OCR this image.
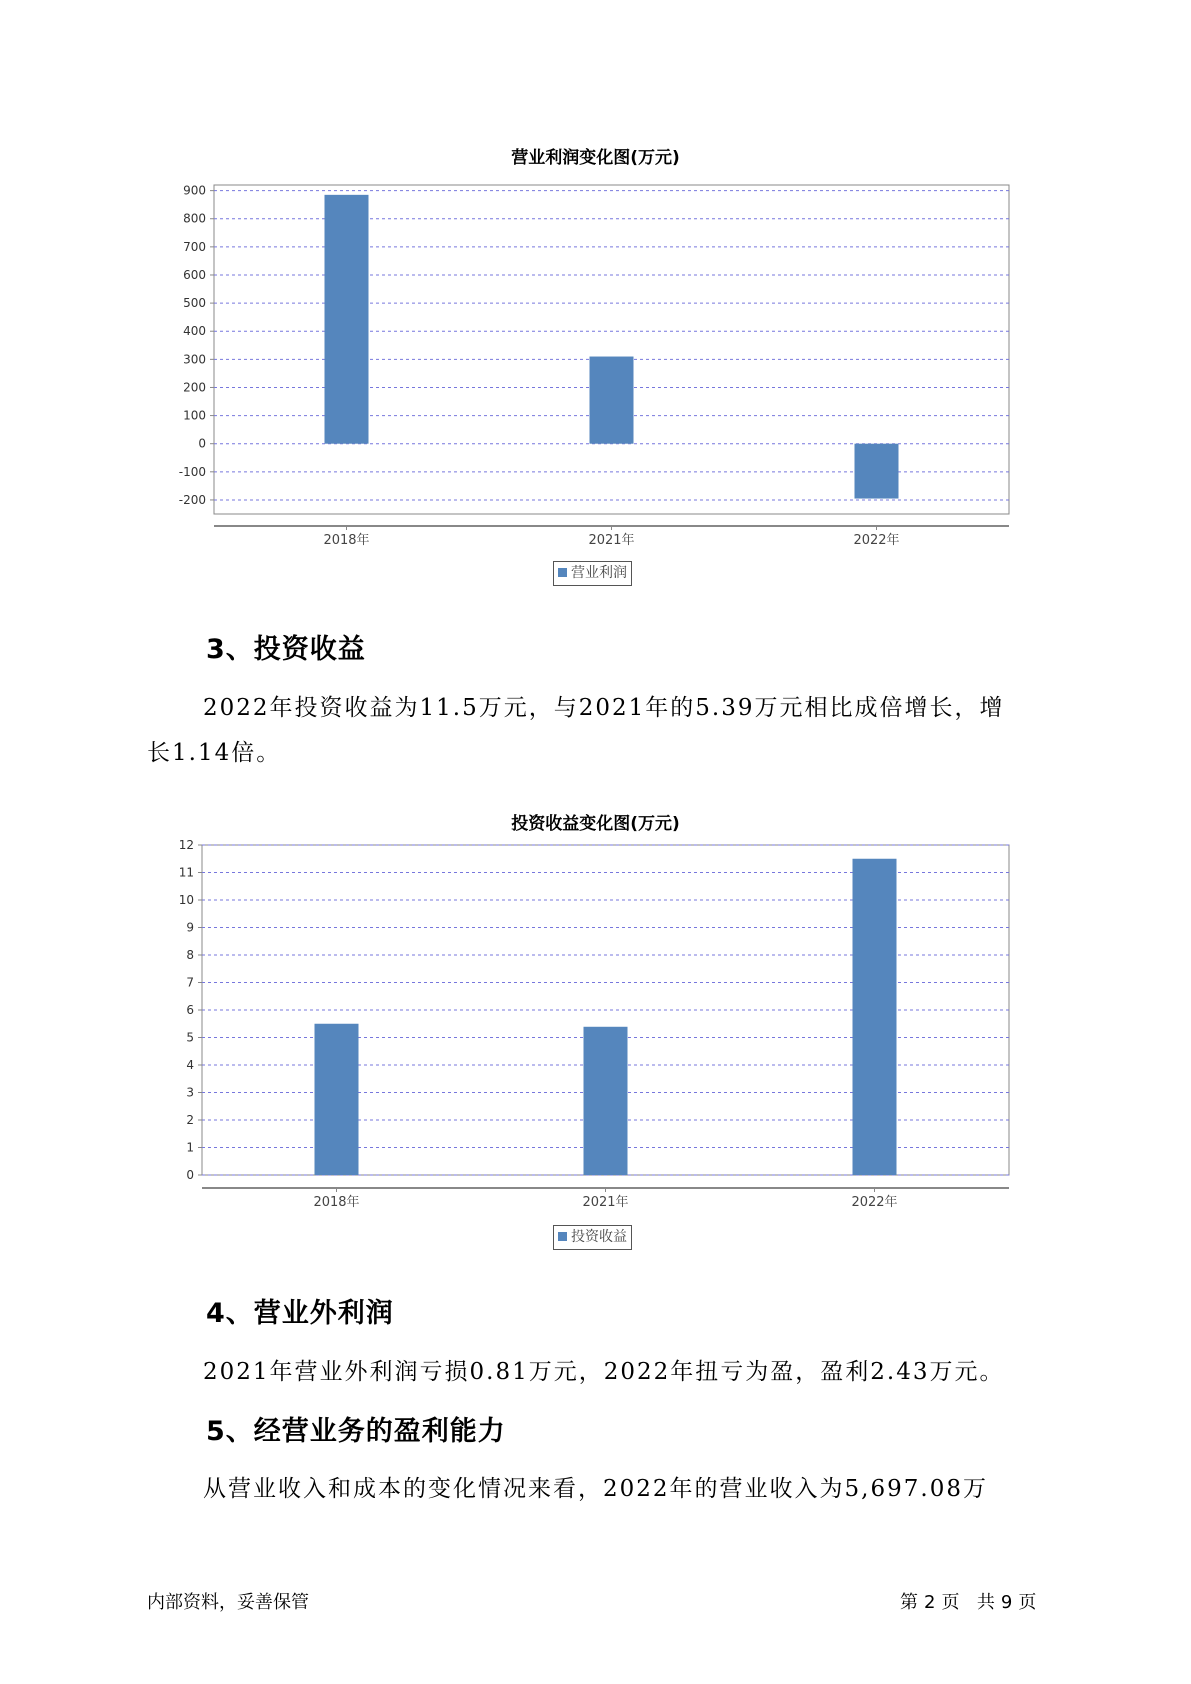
营业利润变化图(万元)
900
800
700
600
500
400
300
200
100
0
-100
-200
2018年	2021年	2022年
营业利润
3、投资收益
2022年投资收益为11.5万元，与2021年的5.39万元相比成倍增长，增
长1.14倍。
投资收益变化图(万元)
12
11
10
9
8
7
6
5
4
3
2
1
0
2018年	2021年	2022年
投资收益
4、营业外利润
2021年营业外利润亏损0.81万元，2022年扭亏为盈，盈利2.43万元。
5、经营业务的盈利能力
从营业收入和成本的变化情况来看，2022年的营业收入为5,697.08万
内部资料，妥善保管	第 2 页 共 9 页
